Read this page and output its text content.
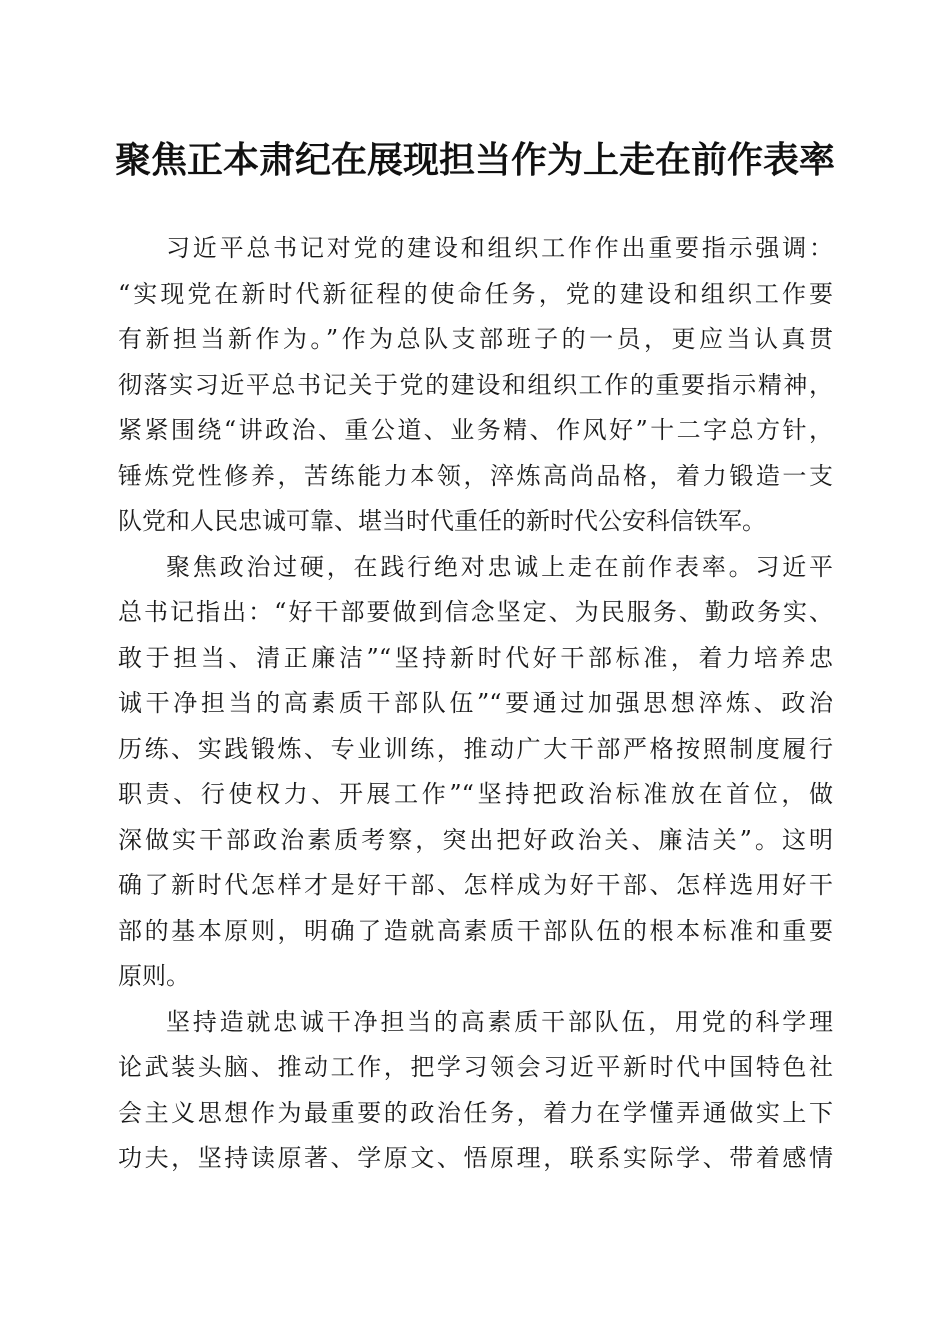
聚焦正本肃纪在展现担当作为上走在前作表率
习近平总书记对党的建设和组织工作作出重要指示强调：
“实现党在新时代新征程的使命任务，党的建设和组织工作要
有新担当新作为。”作为总队支部班子的一员，更应当认真贯
彻落实习近平总书记关于党的建设和组织工作的重要指示精神，
紧紧围绕“讲政治、重公道、业务精、作风好”十二字总方针，
锤炼党性修养，苦练能力本领，淬炼高尚品格，着力锻造一支
队党和人民忠诚可靠、堪当时代重任的新时代公安科信铁军。
聚焦政治过硬，在践行绝对忠诚上走在前作表率。习近平
总书记指出：“好干部要做到信念坚定、为民服务、勤政务实、
敢于担当、清正廉洁”“坚持新时代好干部标准，着力培养忠
诚干净担当的高素质干部队伍”“要通过加强思想淬炼、政治
历练、实践锻炼、专业训练，推动广大干部严格按照制度履行
职责、行使权力、开展工作”“坚持把政治标准放在首位，做
深做实干部政治素质考察，突出把好政治关、廉洁关”。这明
确了新时代怎样才是好干部、怎样成为好干部、怎样选用好干
部的基本原则，明确了造就高素质干部队伍的根本标准和重要
原则。
坚持造就忠诚干净担当的高素质干部队伍，用党的科学理
论武装头脑、推动工作，把学习领会习近平新时代中国特色社
会主义思想作为最重要的政治任务，着力在学懂弄通做实上下
功夫，坚持读原著、学原文、悟原理，联系实际学、带着感情
